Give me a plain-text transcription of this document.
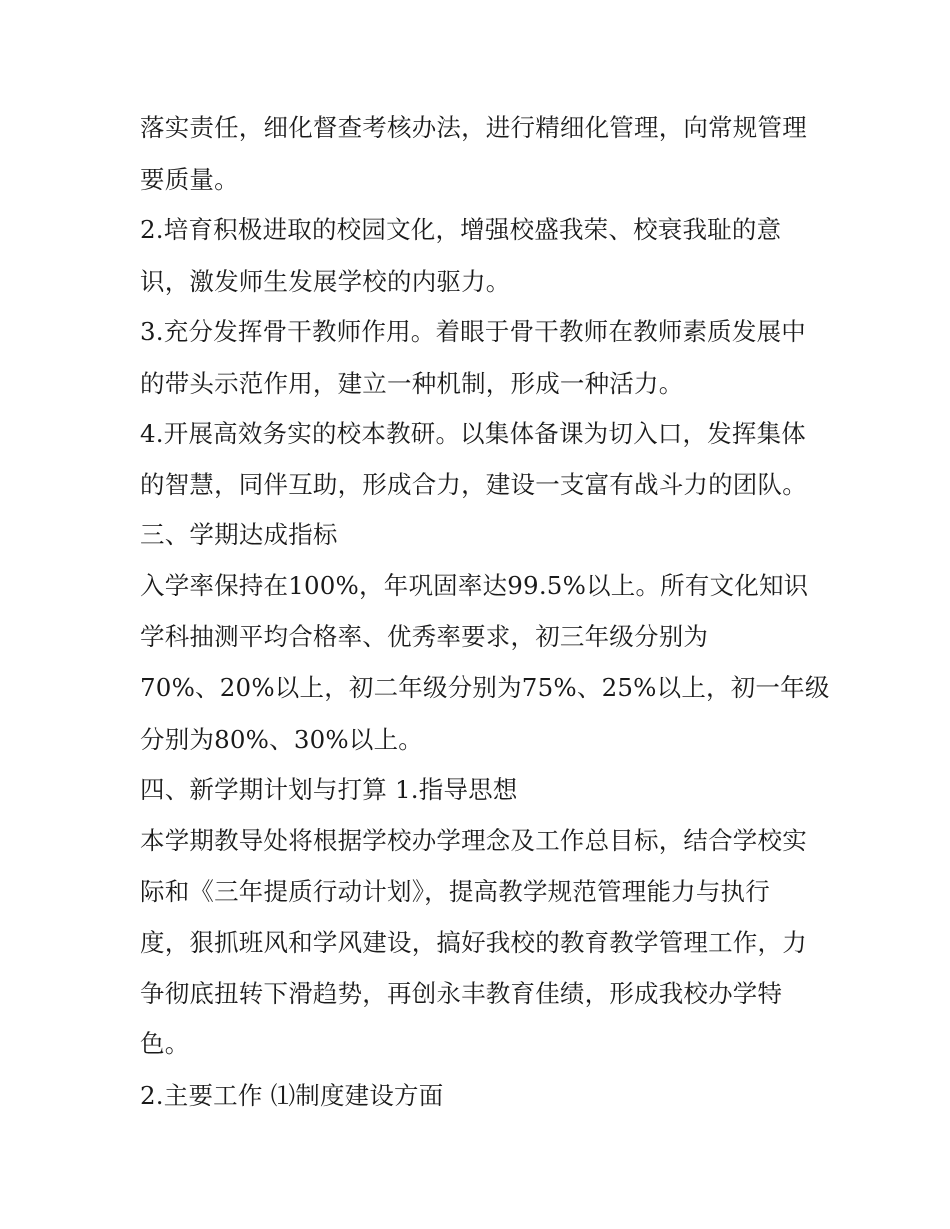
落实责任，细化督查考核办法，进行精细化管理，向常规管理
要质量。
2.培育积极进取的校园文化，增强校盛我荣、校衰我耻的意
识，激发师生发展学校的内驱力。
3.充分发挥骨干教师作用。着眼于骨干教师在教师素质发展中
的带头示范作用，建立一种机制，形成一种活力。
4.开展高效务实的校本教研。以集体备课为切入口，发挥集体
的智慧，同伴互助，形成合力，建设一支富有战斗力的团队。
三、学期达成指标
入学率保持在100%，年巩固率达99.5%以上。所有文化知识
学科抽测平均合格率、优秀率要求，初三年级分别为
70%、20%以上，初二年级分别为75%、25%以上，初一年级
分别为80%、30%以上。
四、新学期计划与打算 1.指导思想
本学期教导处将根据学校办学理念及工作总目标，结合学校实
际和《三年提质行动计划》，提高教学规范管理能力与执行
度，狠抓班风和学风建设，搞好我校的教育教学管理工作，力
争彻底扭转下滑趋势，再创永丰教育佳绩，形成我校办学特
色。
2.主要工作 ⑴制度建设方面
